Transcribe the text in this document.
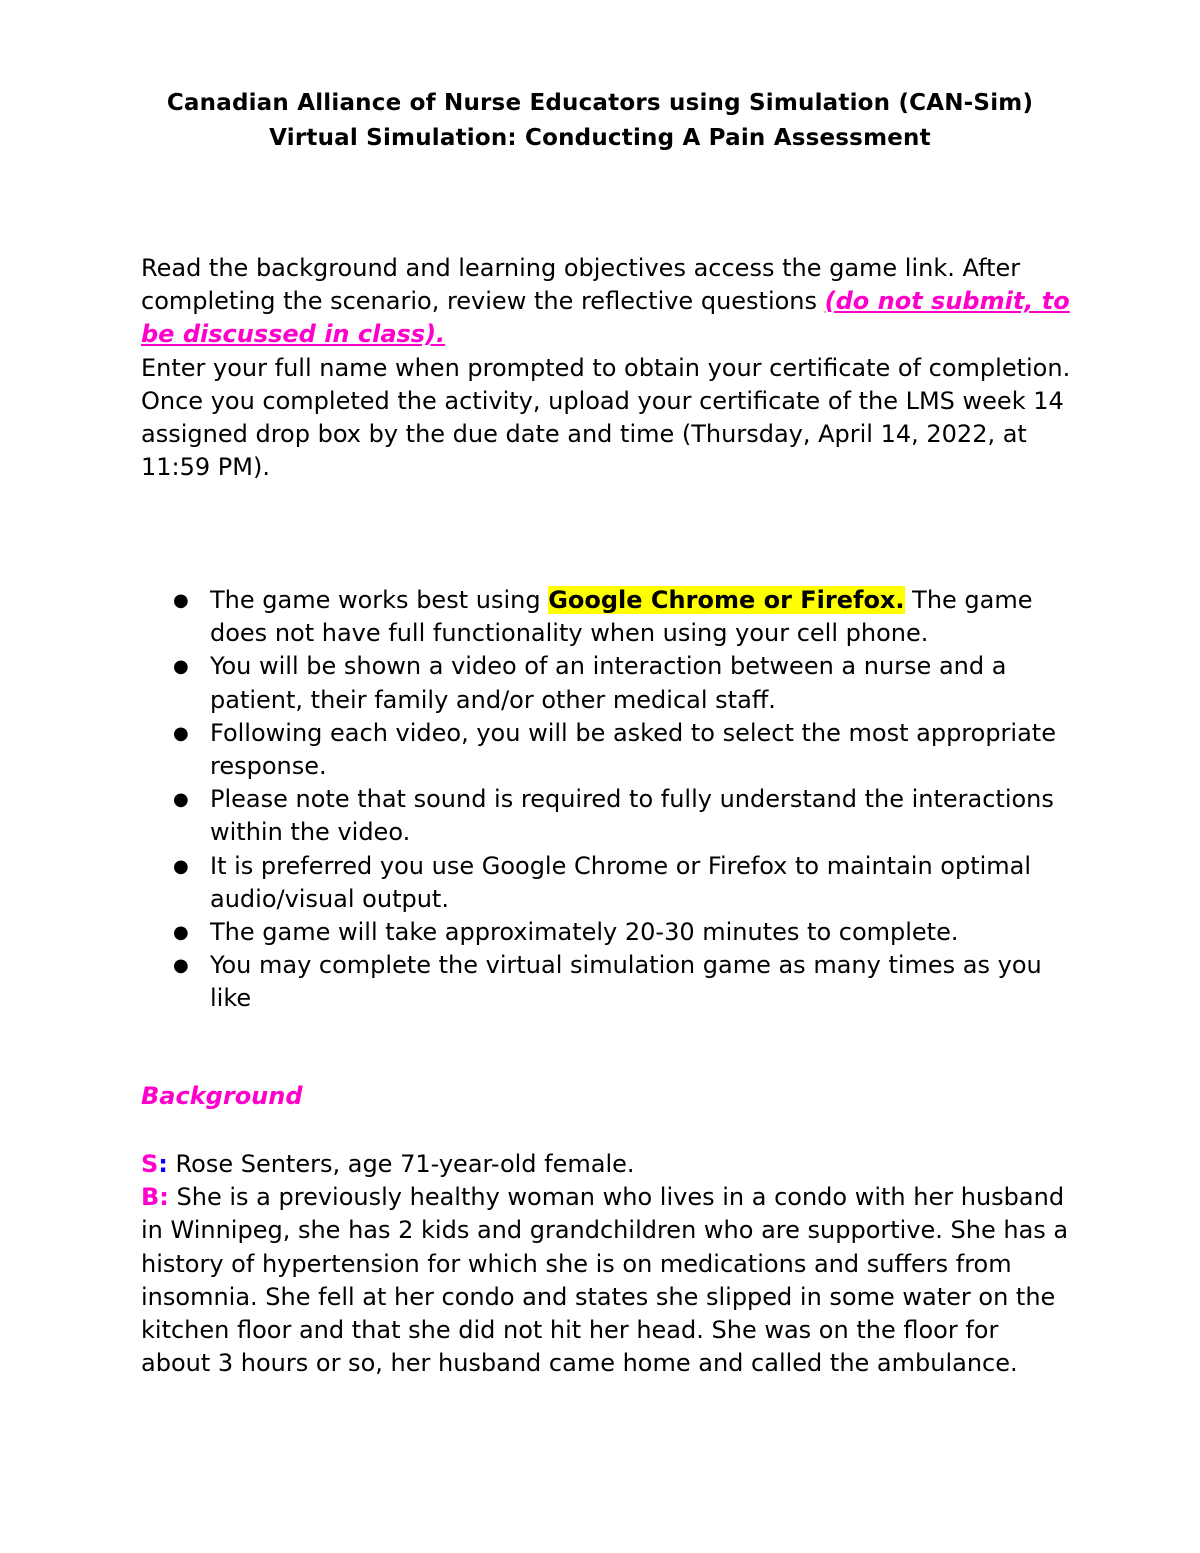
Canadian Alliance of Nurse Educators using Simulation (CAN-Sim)
Virtual Simulation: Conducting A Pain Assessment
Read the background and learning objectives access the game link. After completing the scenario, review the reflective questions (do not submit, to be discussed in class).
Enter your full name when prompted to obtain your certificate of completion. Once you completed the activity, upload your certificate of the LMS week 14 assigned drop box by the due date and time (Thursday, April 14, 2022, at 11:59 PM).
● The game works best using Google Chrome or Firefox. The game does not have full functionality when using your cell phone.
● You will be shown a video of an interaction between a nurse and a patient, their family and/or other medical staff.
● Following each video, you will be asked to select the most appropriate response.
● Please note that sound is required to fully understand the interactions within the video.
● It is preferred you use Google Chrome or Firefox to maintain optimal audio/visual output.
● The game will take approximately 20-30 minutes to complete.
● You may complete the virtual simulation game as many times as you like
Background
S: Rose Senters, age 71-year-old female.
B: She is a previously healthy woman who lives in a condo with her husband in Winnipeg, she has 2 kids and grandchildren who are supportive. She has a history of hypertension for which she is on medications and suffers from insomnia. She fell at her condo and states she slipped in some water on the kitchen floor and that she did not hit her head. She was on the floor for about 3 hours or so, her husband came home and called the ambulance.
